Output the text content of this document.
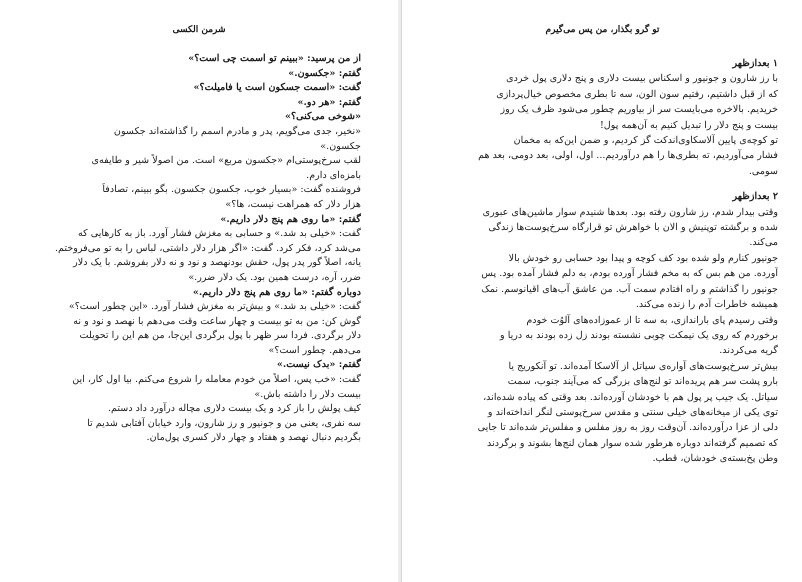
شرمن الکسی
از من پرسید: «ببینم تو اسمت چی است؟»
گفتم: «جکسون.»
گفت: «اسمت جسکون است یا فامیلت؟»
گفتم: «هر دو.»
«شوخی می‌کنی؟»
«نخیر، جدی می‌گویم، پدر و مادرم اسمم را گذاشته‌اند جکسون
جکسون.»
لقب سرخ‌پوستی‌ام «جکسون مربع» است. من اصولاً شیر و طایفه‌ی
بامزه‌ای دارم.
فروشنده گفت: «بسیار خوب، جکسون جکسون. بگو ببینم، تصادفاً
هزار دلار که همراهت نیست، ها؟»
گفتم: «ما روی هم پنج دلار داریم.»
گفت: «خیلی بد شد.» و حسابی به مغزش فشار آورد. باز به کارهایی که
می‌شد کرد، فکر کرد. گفت: «اگر هزار دلار داشتی، لباس را به تو می‌فروختم.
یانه، اصلاً گور پدر پول، حقش بودنهصد و نود و نه دلار بفروشم. با یک دلار
ضرر، آره، درست همین بود. یک دلار ضرر.»
دوباره گفتم: «ما روی هم پنج دلار داریم.»
گفت: «خیلی بد شد.» و بیش‌تر به مغزش فشار آورد. «این چطور است؟»
گوش کن: من به تو بیست و چهار ساعت وقت می‌دهم با نهصد و نود و نه
دلار برگردی. فردا سر ظهر با پول برگردی این‌جا، من هم این را تحویلت
می‌دهم. چطور است؟»
گفتم: «بدک نیست.»
گفت: «خب پس، اصلاً من خودم معامله را شروع می‌کنم. بیا اول کار، این
بیست دلار را داشته باش.»
کیف پولش را باز کرد و یک بیست دلاری مچاله درآورد داد دستم.
سه نفری، یعنی من و جونیور و رز شارون، وارد خیابان آفتابی شدیم تا
بگردیم دنبال نهصد و هفتاد و چهار دلار کسری پول‌مان.
تو گرو بگذار، من پس می‌گیرم
۱ بعدازظهر
با رز شارون و جونیور و اسکناس بیست دلاری و پنج دلاری پول خردی
که از قبل داشتیم، رفتیم سون الون، سه تا بطری مخصوص خیال‌پردازی
خریدیم. بالاخره می‌بایست سر از بیاوریم چطور می‌شود ظرف یک روز
بیست و پنج دلار را تبدیل کنیم به آن‌همه پول!
تو کوچه‌ی پایین آلاسکاوی‌اندکت گز کردیم، و ضمن این‌که به مخمان
فشار می‌آوردیم، ته بطری‌ها را هم درآوردیم... اول، اولی، بعد دومی، بعد هم
سومی.
۲ بعدازظهر
وقتی بیدار شدم، رز شارون رفته بود. بعدها شنیدم سوار ماشین‌های عبوری
شده و برگشته توپنیش و الان با خواهرش تو قرارگاه سرخ‌پوست‌ها زندگی
می‌کند.
جونیور کنارم ولو شده بود کف کوچه و پیدا بود حسابی رو خودش بالا
آورده. من هم بس که به مخم فشار آورده بودم، به دلم فشار آمده بود. پس
جونیور را گذاشتم و راه افتادم سمت آب. من عاشق آب‌های اقیانوسم. نمک
همیشه خاطرات آدم را زنده می‌کند.
وقتی رسیدم پای باراندازی، به سه تا از عموزاده‌های آلوُت خودم
برخوردم که روی یک نیمکت چوبی نشسته بودند زل زده بودند به دریا و
گریه می‌کردند.
بیش‌تر سرخ‌پوست‌های آواره‌ی سیاتل از آلاسکا آمده‌اند. تو آنکوریج یا
بارو پشت سر هم پریده‌اند تو لنج‌های بزرگی که می‌آیند جنوب، سمت
سیاتل. یک جیب پر پول هم با خودشان آورده‌اند. بعد وقتی که پیاده شده‌اند،
توی یکی از میخانه‌های خیلی سنتی و مقدس سرخ‌پوستی لنگر انداخته‌اند و
دلی از عزا درآورده‌اند. آن‌وقت روز به روز مفلس و مفلس‌تر شده‌اند تا جایی
که تصمیم گرفته‌اند دوباره هرطور شده سوار همان لنج‌ها بشوند و برگردند
وطن پخ‌بسته‌ی خودشان، قطب.
